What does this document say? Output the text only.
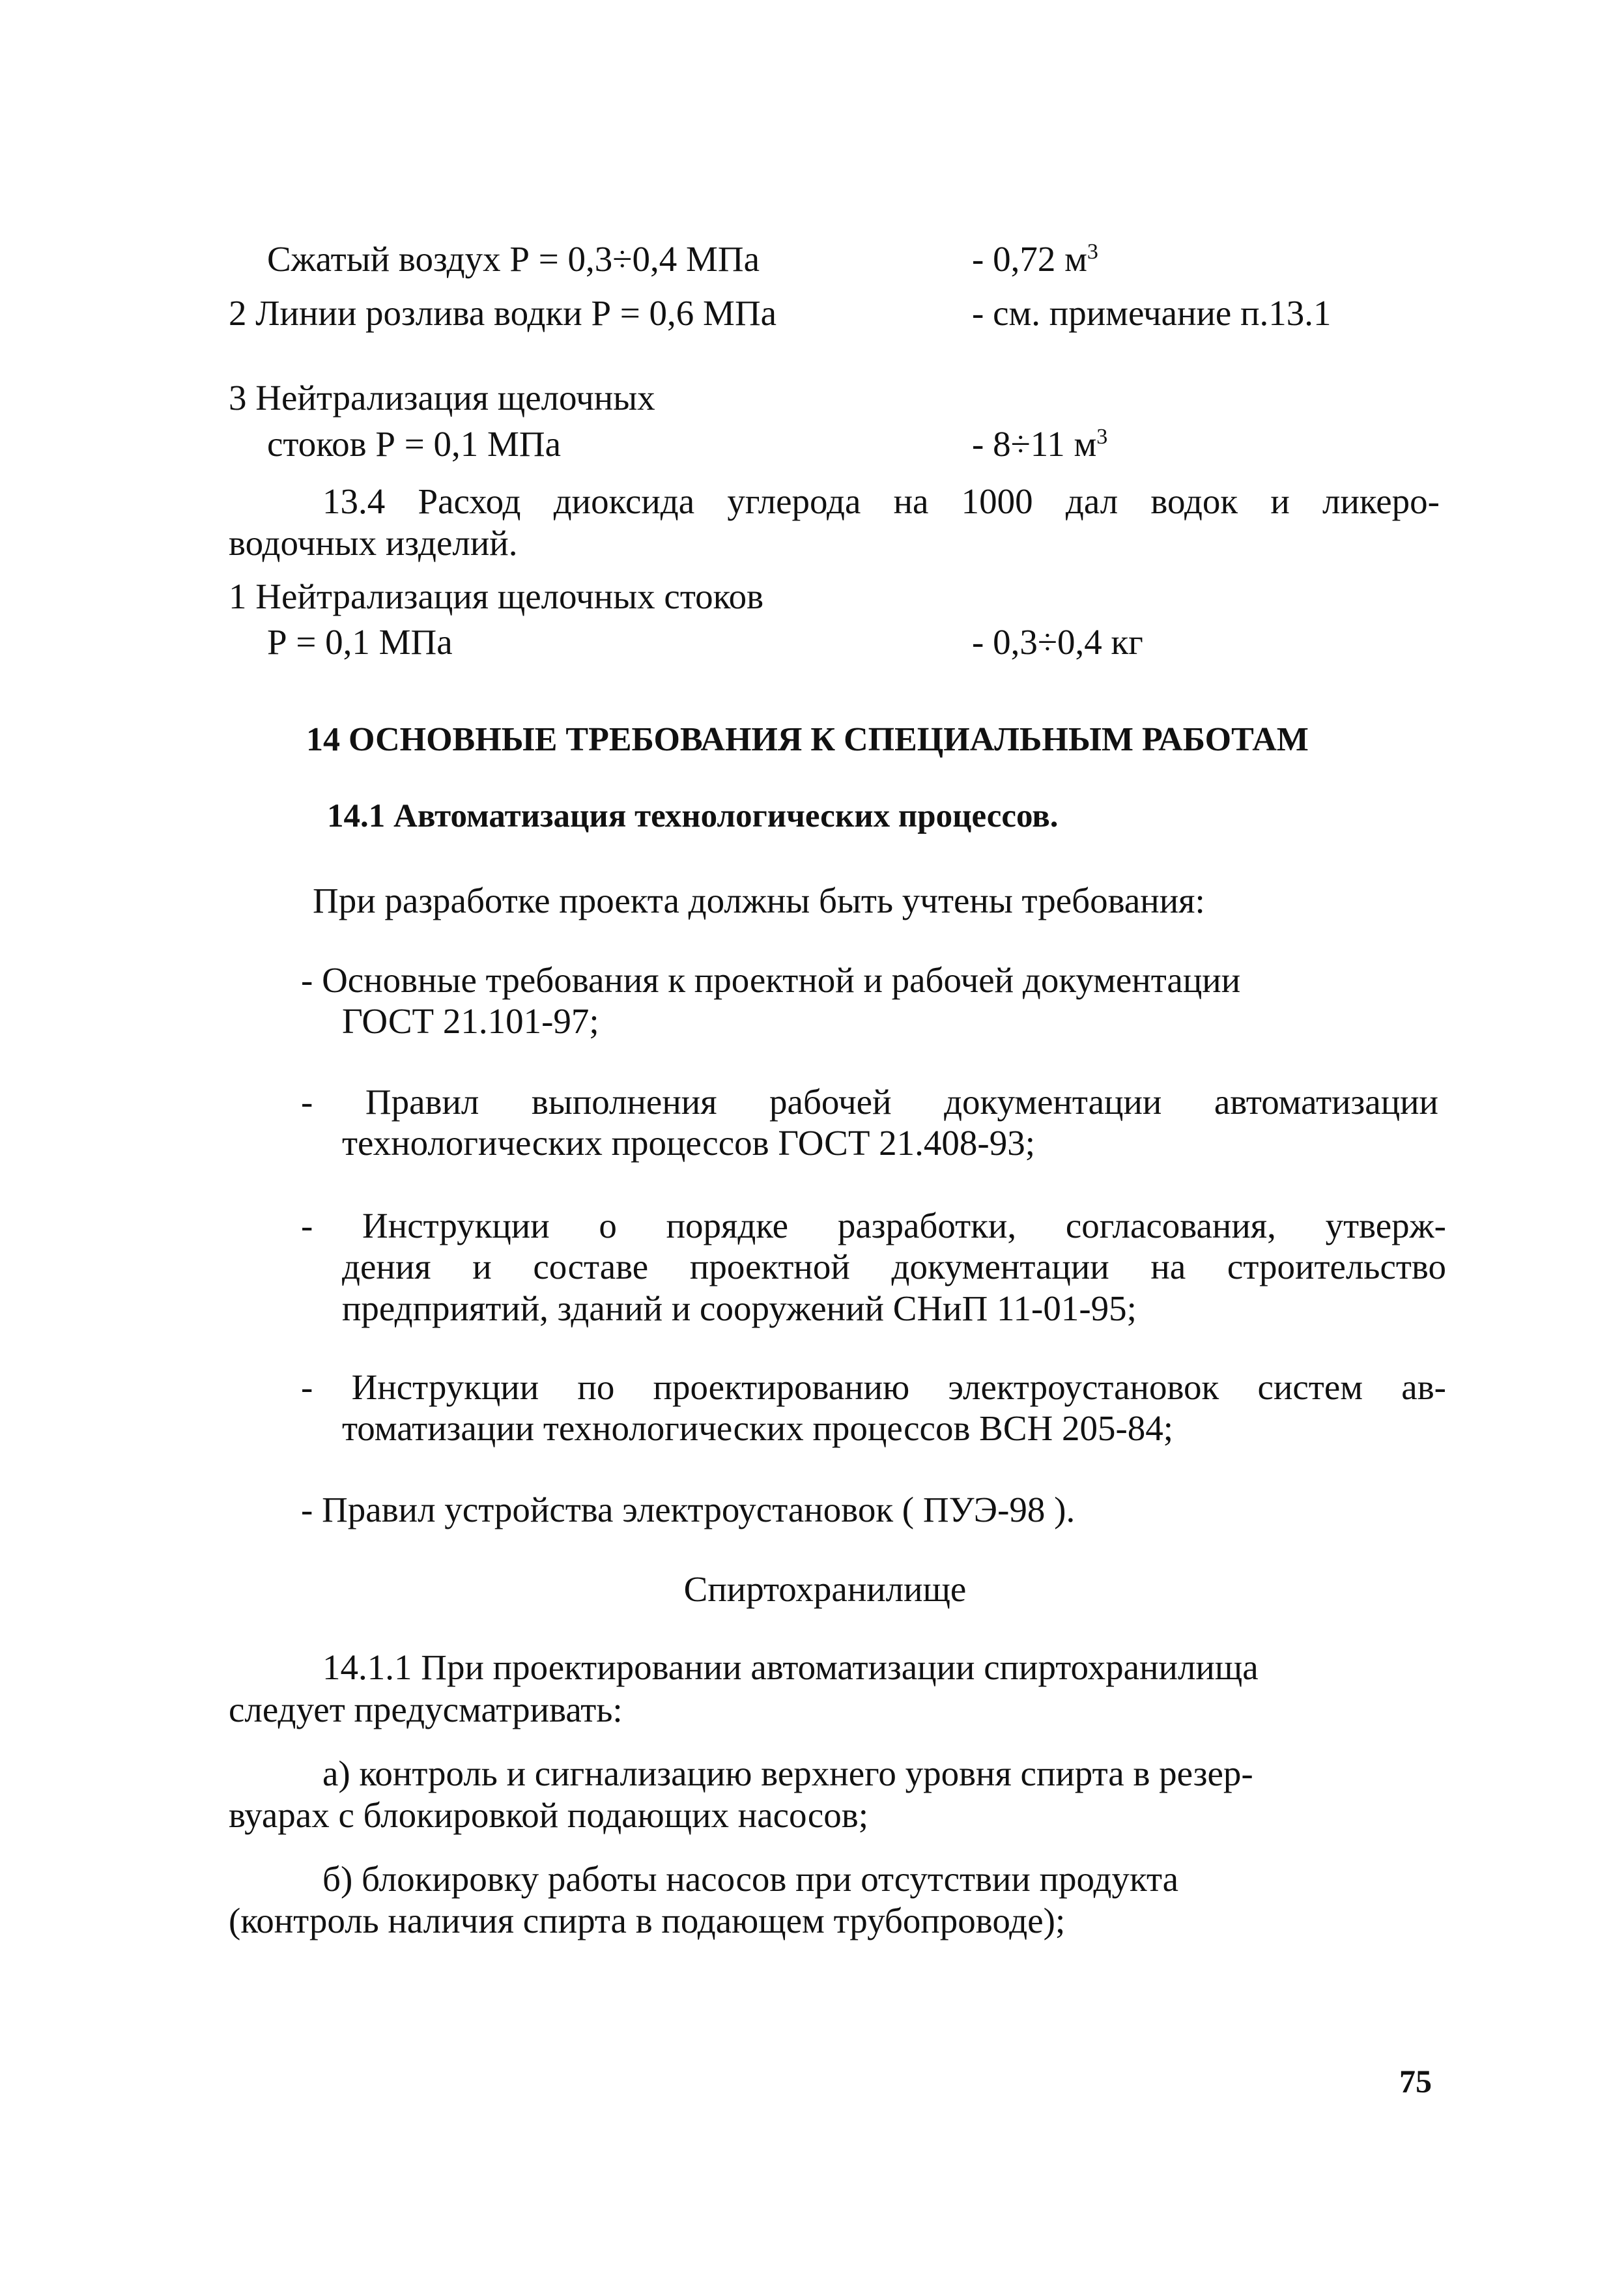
Сжатый воздух Р = 0,3÷0,4 МПа	- 0,72 $м^3$
2 Линии розлива водки Р = 0,6 МПа	- см. примечание п.13.1
3 Нейтрализация щелочных
стоков Р = 0,1 МПа	- 8÷11 $м^3$
13.4 Расход диоксида углерода на 1000 дал водок и ликеро-
водочных изделий.
1 Нейтрализация щелочных стоков
Р = 0,1 МПа	- 0,3÷0,4 кг
14 ОСНОВНЫЕ ТРЕБОВАНИЯ К СПЕЦИАЛЬНЫМ РАБОТАМ
14.1 Автоматизация технологических процессов.
При разработке проекта должны быть учтены требования:
- Основные требования к проектной и рабочей документации
ГОСТ 21.101-97;
- Правил выполнения рабочей документации автоматизации
технологических процессов ГОСТ 21.408-93;
- Инструкции о порядке разработки, согласования, утверж-
дения и составе проектной документации на строительство
предприятий, зданий и сооружений СНиП 11-01-95;
- Инструкции по проектированию электроустановок систем ав-
томатизации технологических процессов ВСН 205-84;
- Правил устройства электроустановок ( ПУЭ-98 ).
Спиртохранилище
14.1.1 При проектировании автоматизации спиртохранилища
следует предусматривать:
а) контроль и сигнализацию верхнего уровня спирта в резер-
вуарах с блокировкой подающих насосов;
б) блокировку работы насосов при отсутствии продукта
(контроль наличия спирта в подающем трубопроводе);
75
